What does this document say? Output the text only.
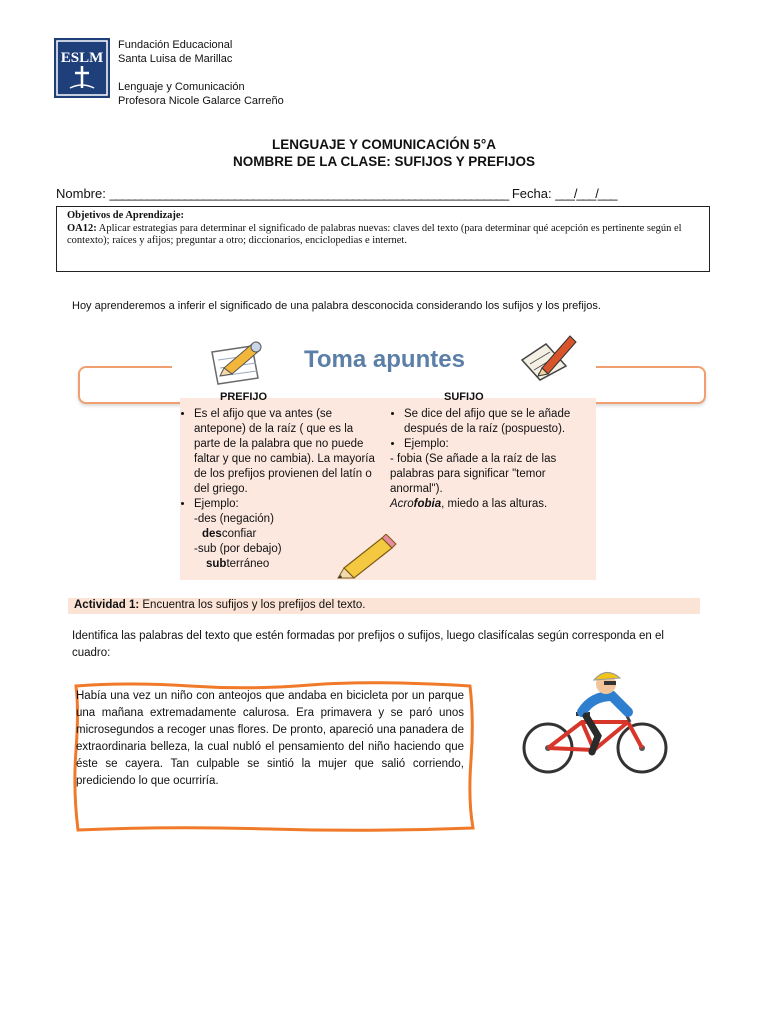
ESLM
Fundación Educacional
Santa Luisa de Marillac
Lenguaje y Comunicación
Profesora Nicole Galarce Carreño
LENGUAJE Y COMUNICACIÓN 5°A
NOMBRE DE LA CLASE: SUFIJOS Y PREFIJOS
Nombre: ________________________________________________________________ Fecha: ___/___/___
Objetivos de Aprendizaje:
OA12: Aplicar estrategias para determinar el significado de palabras nuevas: claves del texto (para determinar qué acepción es pertinente según el contexto); raíces y afijos; preguntar a otro; diccionarios, enciclopedias e internet.
Hoy aprenderemos a inferir el significado de una palabra desconocida considerando los sufijos y los prefijos.
Toma apuntes
PREFIJO
• Es el afijo que va antes (se antepone) de la raíz ( que es la parte de la palabra que no puede faltar y que no cambia). La mayoría de los prefijos provienen del latín o del griego.
• Ejemplo:
-des (negación)
desconfiar
-sub (por debajo)
subterráneo
SUFIJO
• Se dice del afijo que se le añade después de la raíz (pospuesto).
• Ejemplo:
- fobia (Se añade a la raíz de las palabras para significar "temor anormal").
Acrofobia, miedo a las alturas.
Actividad 1: Encuentra los sufijos y los prefijos del texto.
Identifica las palabras del texto que estén formadas por prefijos o sufijos, luego clasifícalas según corresponda en el cuadro:
Había una vez un niño con anteojos que andaba en bicicleta por un parque una mañana extremadamente calurosa. Era primavera y se paró unos microsegundos a recoger unas flores. De pronto, apareció una panadera de extraordinaria belleza, la cual nubló el pensamiento del niño haciendo que éste se cayera. Tan culpable se sintió la mujer que salió corriendo, prediciendo lo que ocurriría.
